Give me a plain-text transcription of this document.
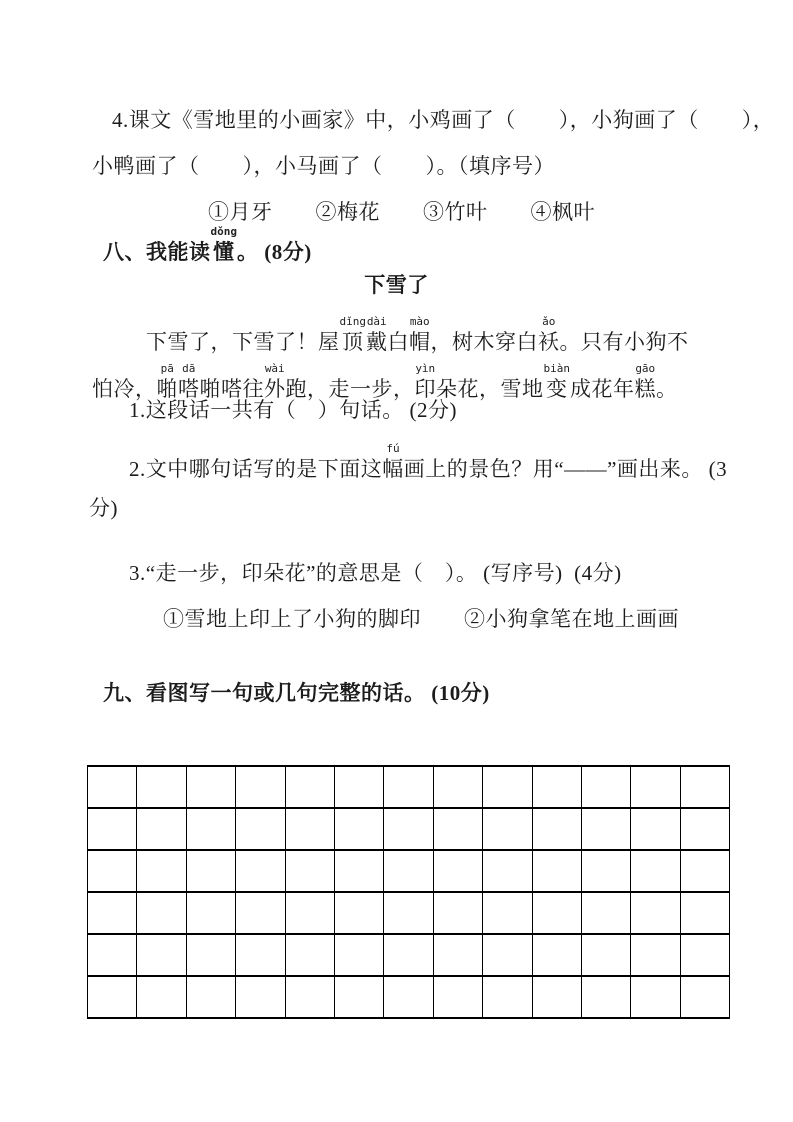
4.课文《雪地里的小画家》中，小鸡画了（　　），小狗画了（　　），
小鸭画了（　　），小马画了（　　）。（填序号）
①月牙　　②梅花　　③竹叶　　④枫叶
八、我能读
dǒng
懂 。 (8分)
下雪了
下雪了，下雪了！屋
dǐng
顶
dài
戴 白
mào
帽 ，树木穿白
ǎo
袄 。只有小狗不
怕冷，
pā
啪
dā
嗒 啪嗒往
wài
外 跑，走一步，
yìn
印 朵花，雪地
biàn
变 成花年
gāo
糕 。
1.这段话一共有（　）句话。 (2分)
2.文中哪句话写的是下面这
fú
幅 画上的景色？用“——”画出来。 (3
分)
3.“走一步，印朵花”的意思是（　）。 (写序号)  (4分)
①雪地上印上了小狗的脚印　　②小狗拿笔在地上画画
九、看图写一句或几句完整的话。 (10分)
